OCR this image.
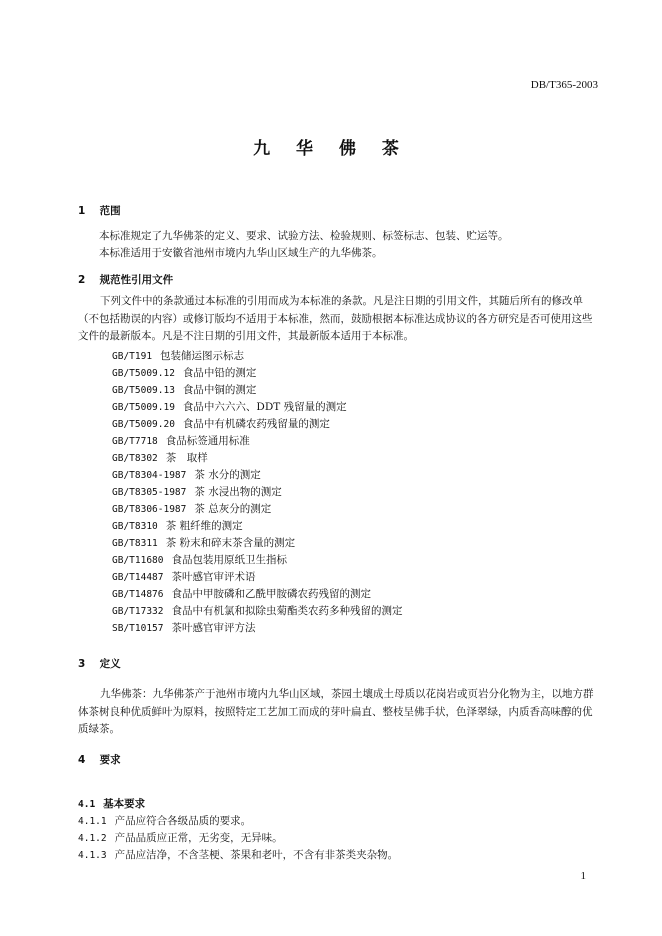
DB/T365-2003
九 华 佛 茶
1 范围
本标准规定了九华佛茶的定义、要求、试验方法、检验规则、标签标志、包装、贮运等。
本标准适用于安徽省池州市境内九华山区域生产的九华佛茶。
2 规范性引用文件
下列文件中的条款通过本标准的引用而成为本标准的条款。凡是注日期的引用文件，其随后所有的修改单（不包括勘误的内容）或修订版均不适用于本标准，然而，鼓励根据本标准达成协议的各方研究是否可使用这些文件的最新版本。凡是不注日期的引用文件，其最新版本适用于本标准。
GB/T191 包装储运图示标志
GB/T5009.12 食品中铅的测定
GB/T5009.13 食品中铜的测定
GB/T5009.19 食品中六六六、DDT 残留量的测定
GB/T5009.20 食品中有机磷农药残留量的测定
GB/T7718 食品标签通用标准
GB/T8302 茶　取样
GB/T8304-1987 茶 水分的测定
GB/T8305-1987 茶 水浸出物的测定
GB/T8306-1987 茶 总灰分的测定
GB/T8310 茶 粗纤维的测定
GB/T8311 茶 粉末和碎末茶含量的测定
GB/T11680 食品包装用原纸卫生指标
GB/T14487 茶叶感官审评术语
GB/T14876 食品中甲胺磷和乙酰甲胺磷农药残留的测定
GB/T17332 食品中有机氯和拟除虫菊酯类农药多种残留的测定
SB/T10157 茶叶感官审评方法
3 定义
九华佛茶：九华佛茶产于池州市境内九华山区域，茶园土壤成土母质以花岗岩或页岩分化物为主，以地方群体茶树良种优质鲜叶为原料，按照特定工艺加工而成的芽叶扁直、整枝呈佛手状，色泽翠绿，内质香高味醇的优质绿茶。
4 要求
4.1 基本要求
4.1.1 产品应符合各级品质的要求。
4.1.2 产品品质应正常，无劣变，无异味。
4.1.3 产品应洁净，不含茎梗、茶果和老叶，不含有非茶类夹杂物。
1
